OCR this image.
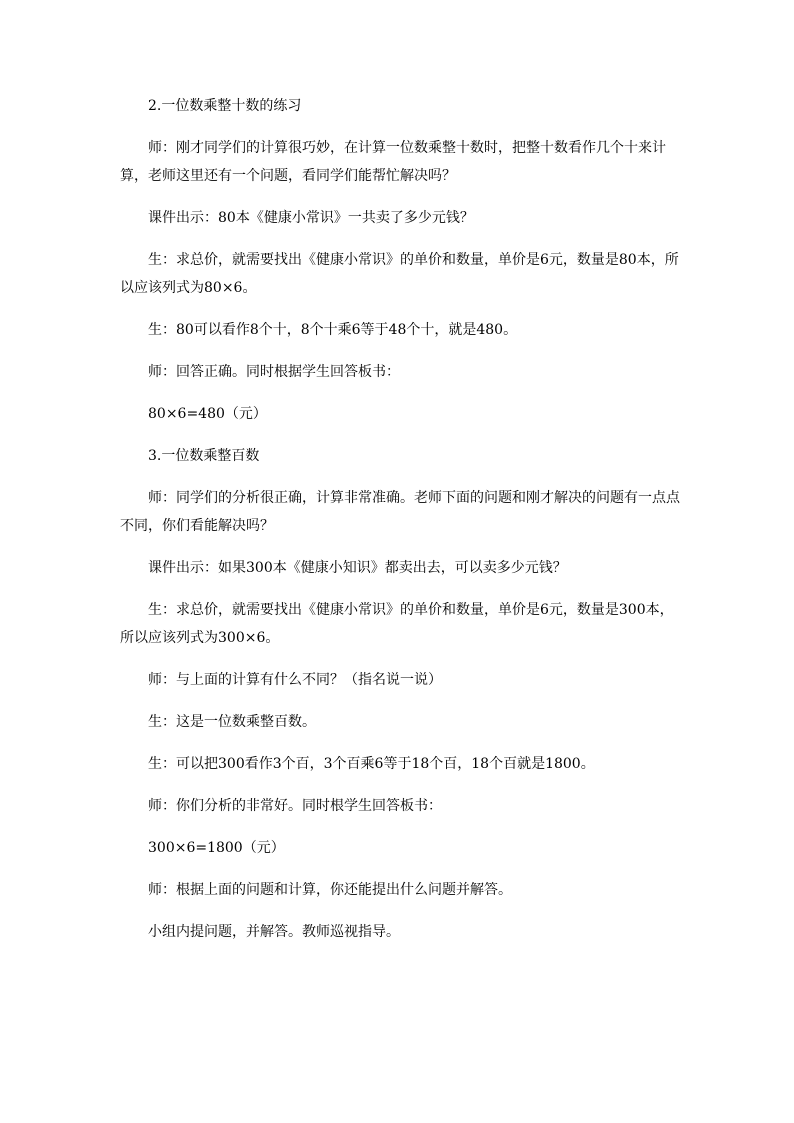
2.一位数乘整十数的练习

师：刚才同学们的计算很巧妙，在计算一位数乘整十数时，把整十数看作几个十来计算，老师这里还有一个问题，看同学们能帮忙解决吗？

课件出示：80本《健康小常识》一共卖了多少元钱？

生：求总价，就需要找出《健康小常识》的单价和数量，单价是6元，数量是80本，所以应该列式为80×6。

生：80可以看作8个十，8个十乘6等于48个十，就是480。

师：回答正确。同时根据学生回答板书：

80×6=480（元）

3.一位数乘整百数

师：同学们的分析很正确，计算非常准确。老师下面的问题和刚才解决的问题有一点点不同，你们看能解决吗？

课件出示：如果300本《健康小知识》都卖出去，可以卖多少元钱？

生：求总价，就需要找出《健康小常识》的单价和数量，单价是6元，数量是300本，所以应该列式为300×6。

师：与上面的计算有什么不同？（指名说一说）

生：这是一位数乘整百数。

生：可以把300看作3个百，3个百乘6等于18个百，18个百就是1800。

师：你们分析的非常好。同时根学生回答板书：

300×6=1800（元）

师：根据上面的问题和计算，你还能提出什么问题并解答。

小组内提问题，并解答。教师巡视指导。
